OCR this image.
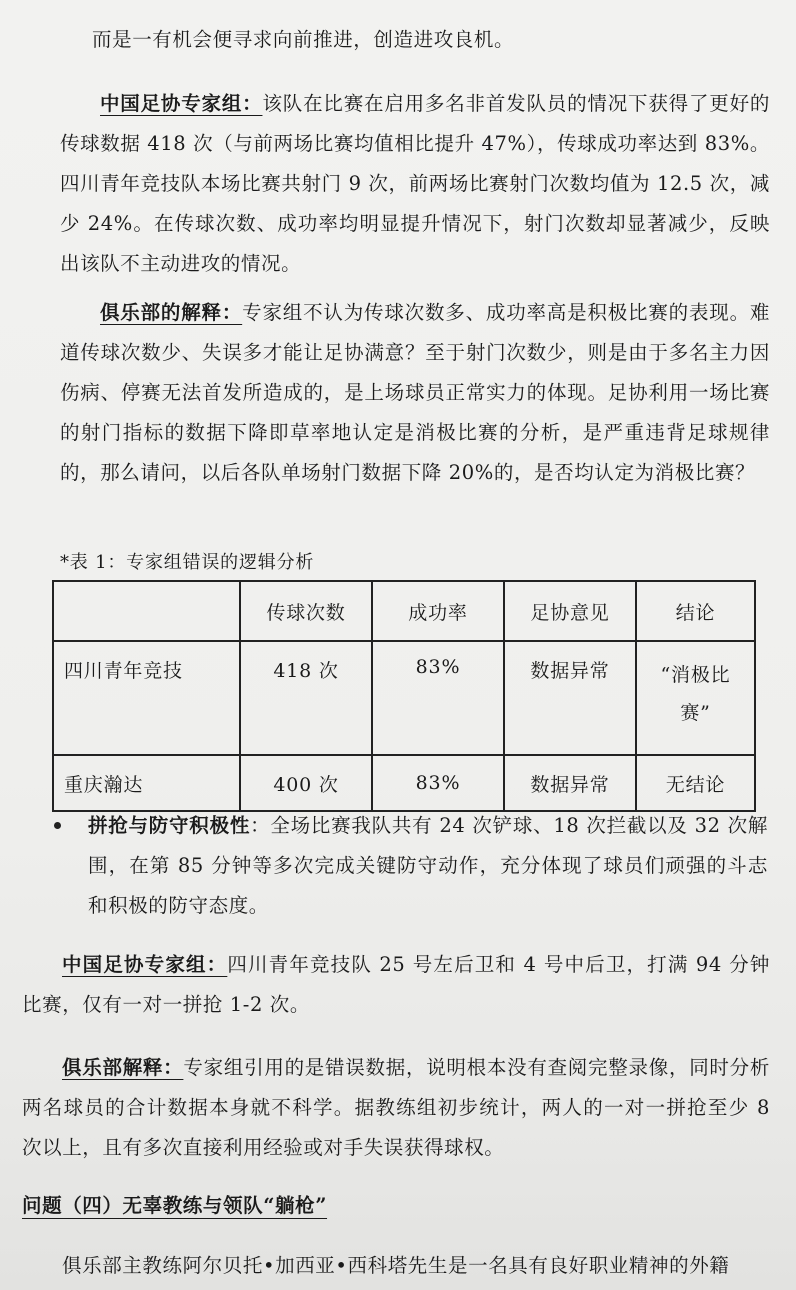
而是一有机会便寻求向前推进，创造进攻良机。

中国足协专家组：该队在比赛在启用多名非首发队员的情况下获得了更好的传球数据 418 次（与前两场比赛均值相比提升 47%），传球成功率达到 83%。四川青年竞技队本场比赛共射门 9 次，前两场比赛射门次数均值为 12.5 次，减少 24%。在传球次数、成功率均明显提升情况下，射门次数却显著减少，反映出该队不主动进攻的情况。

俱乐部的解释：专家组不认为传球次数多、成功率高是积极比赛的表现。难道传球次数少、失误多才能让足协满意？至于射门次数少，则是由于多名主力因伤病、停赛无法首发所造成的，是上场球员正常实力的体现。足协利用一场比赛的射门指标的数据下降即草率地认定是消极比赛的分析，是严重违背足球规律的，那么请问，以后各队单场射门数据下降 20%的，是否均认定为消极比赛？

*表 1：专家组错误的逻辑分析
	传球次数	成功率	足协意见	结论
四川青年竞技	418 次	83%	数据异常	“消极比赛”
重庆瀚达	400 次	83%	数据异常	无结论

拼抢与防守积极性：全场比赛我队共有 24 次铲球、18 次拦截以及 32 次解围，在第 85 分钟等多次完成关键防守动作，充分体现了球员们顽强的斗志和积极的防守态度。

中国足协专家组：四川青年竞技队 25 号左后卫和 4 号中后卫，打满 94 分钟比赛，仅有一对一拼抢 1-2 次。

俱乐部解释：专家组引用的是错误数据，说明根本没有查阅完整录像，同时分析两名球员的合计数据本身就不科学。据教练组初步统计，两人的一对一拼抢至少 8 次以上，且有多次直接利用经验或对手失误获得球权。

问题（四）无辜教练与领队“躺枪”

俱乐部主教练阿尔贝托•加西亚•西科塔先生是一名具有良好职业精神的外籍
